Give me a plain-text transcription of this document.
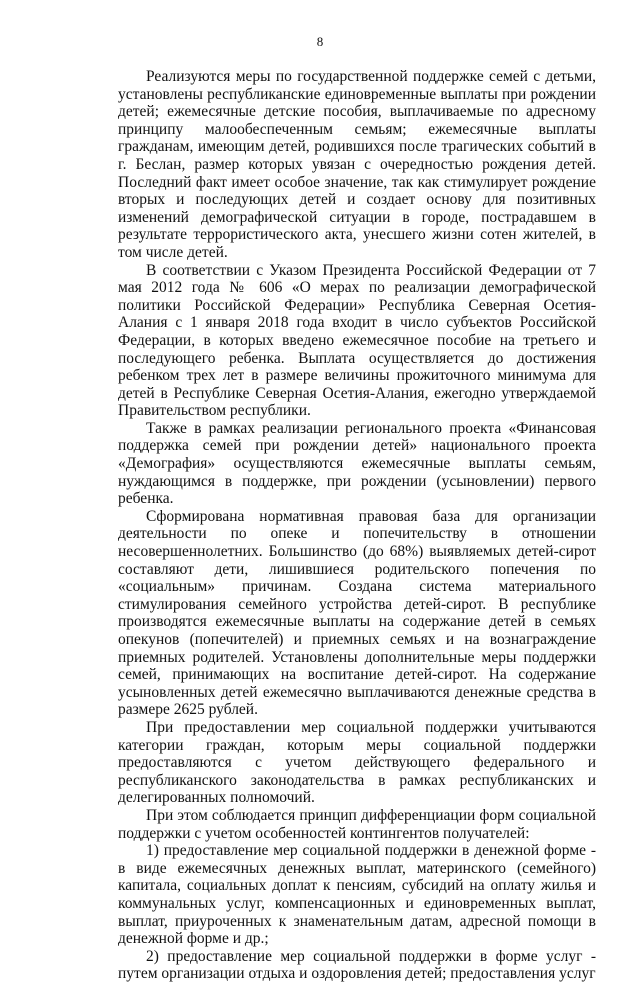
8

Реализуются меры по государственной поддержке семей с детьми, установлены республиканские единовременные выплаты при рождении детей; ежемесячные детские пособия, выплачиваемые по адресному принципу малообеспеченным семьям; ежемесячные выплаты гражданам, имеющим детей, родившихся после трагических событий в г. Беслан, размер которых увязан с очередностью рождения детей. Последний факт имеет особое значение, так как стимулирует рождение вторых и последующих детей и создает основу для позитивных изменений демографической ситуации в городе, пострадавшем в результате террористического акта, унесшего жизни сотен жителей, в том числе детей.

В соответствии с Указом Президента Российской Федерации от 7 мая 2012 года № 606 «О мерах по реализации демографической политики Российской Федерации» Республика Северная Осетия-Алания с 1 января 2018 года входит в число субъектов Российской Федерации, в которых введено ежемесячное пособие на третьего и последующего ребенка. Выплата осуществляется до достижения ребенком трех лет в размере величины прожиточного минимума для детей в Республике Северная Осетия-Алания, ежегодно утверждаемой Правительством республики.

Также в рамках реализации регионального проекта «Финансовая поддержка семей при рождении детей» национального проекта «Демография» осуществляются ежемесячные выплаты семьям, нуждающимся в поддержке, при рождении (усыновлении) первого ребенка.

Сформирована нормативная правовая база для организации деятельности по опеке и попечительству в отношении несовершеннолетних. Большинство (до 68%) выявляемых детей-сирот составляют дети, лишившиеся родительского попечения по «социальным» причинам. Создана система материального стимулирования семейного устройства детей-сирот. В республике производятся ежемесячные выплаты на содержание детей в семьях опекунов (попечителей) и приемных семьях и на вознаграждение приемных родителей. Установлены дополнительные меры поддержки семей, принимающих на воспитание детей-сирот. На содержание усыновленных детей ежемесячно выплачиваются денежные средства в размере 2625 рублей.

При предоставлении мер социальной поддержки учитываются категории граждан, которым меры социальной поддержки предоставляются с учетом действующего федерального и республиканского законодательства в рамках республиканских и делегированных полномочий.

При этом соблюдается принцип дифференциации форм социальной поддержки с учетом особенностей контингентов получателей:

1) предоставление мер социальной поддержки в денежной форме - в виде ежемесячных денежных выплат, материнского (семейного) капитала, социальных доплат к пенсиям, субсидий на оплату жилья и коммунальных услуг, компенсационных и единовременных выплат, выплат, приуроченных к знаменательным датам, адресной помощи в денежной форме и др.;

2) предоставление мер социальной поддержки в форме услуг - путем организации отдыха и оздоровления детей; предоставления услуг
